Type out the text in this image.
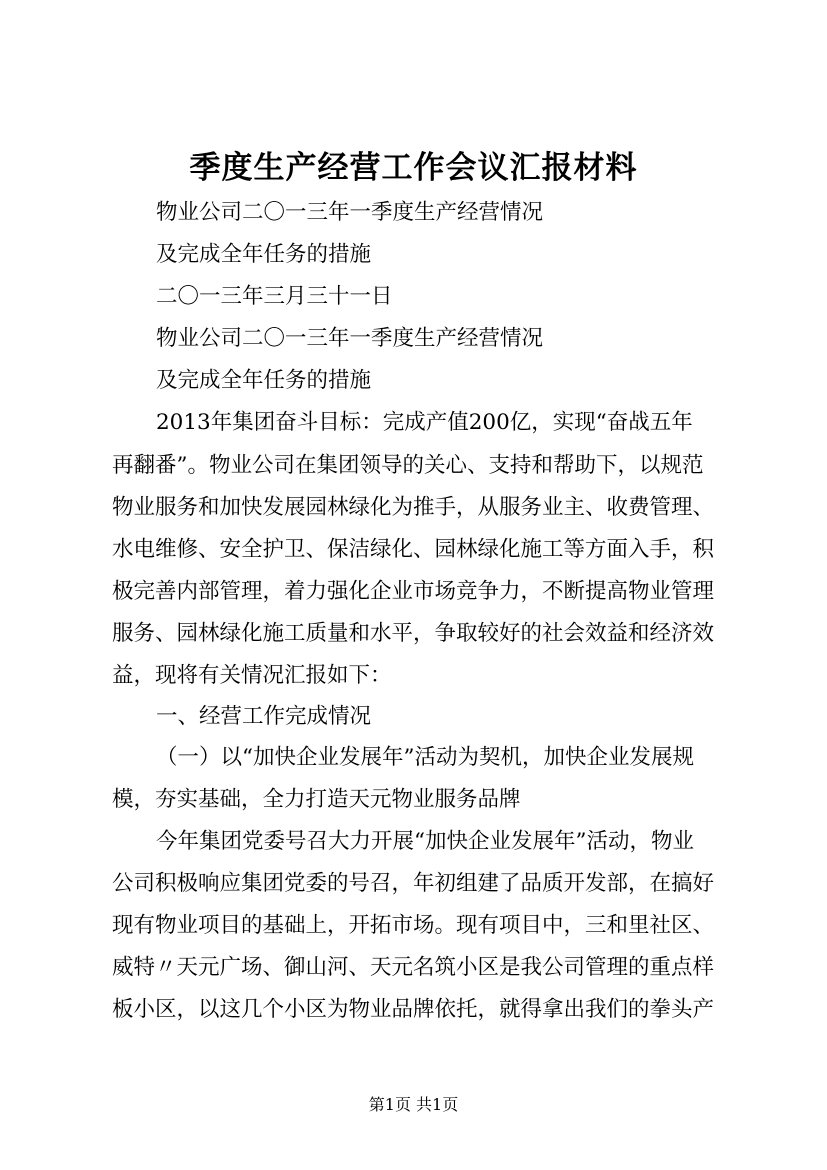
季度生产经营工作会议汇报材料
物业公司二〇一三年一季度生产经营情况
及完成全年任务的措施
二〇一三年三月三十一日
物业公司二〇一三年一季度生产经营情况
及完成全年任务的措施
2013年集团奋斗目标：完成产值200亿，实现“奋战五年
再翻番”。物业公司在集团领导的关心、支持和帮助下，以规范
物业服务和加快发展园林绿化为推手，从服务业主、收费管理、
水电维修、安全护卫、保洁绿化、园林绿化施工等方面入手，积
极完善内部管理，着力强化企业市场竞争力，不断提高物业管理
服务、园林绿化施工质量和水平，争取较好的社会效益和经济效
益，现将有关情况汇报如下：
一、经营工作完成情况
（一）以“加快企业发展年”活动为契机，加快企业发展规
模，夯实基础，全力打造天元物业服务品牌
今年集团党委号召大力开展“加快企业发展年”活动，物业
公司积极响应集团党委的号召，年初组建了品质开发部，在搞好
现有物业项目的基础上，开拓市场。现有项目中，三和里社区、
威特〃天元广场、御山河、天元名筑小区是我公司管理的重点样
板小区，以这几个小区为物业品牌依托，就得拿出我们的拳头产
第1页 共1页
